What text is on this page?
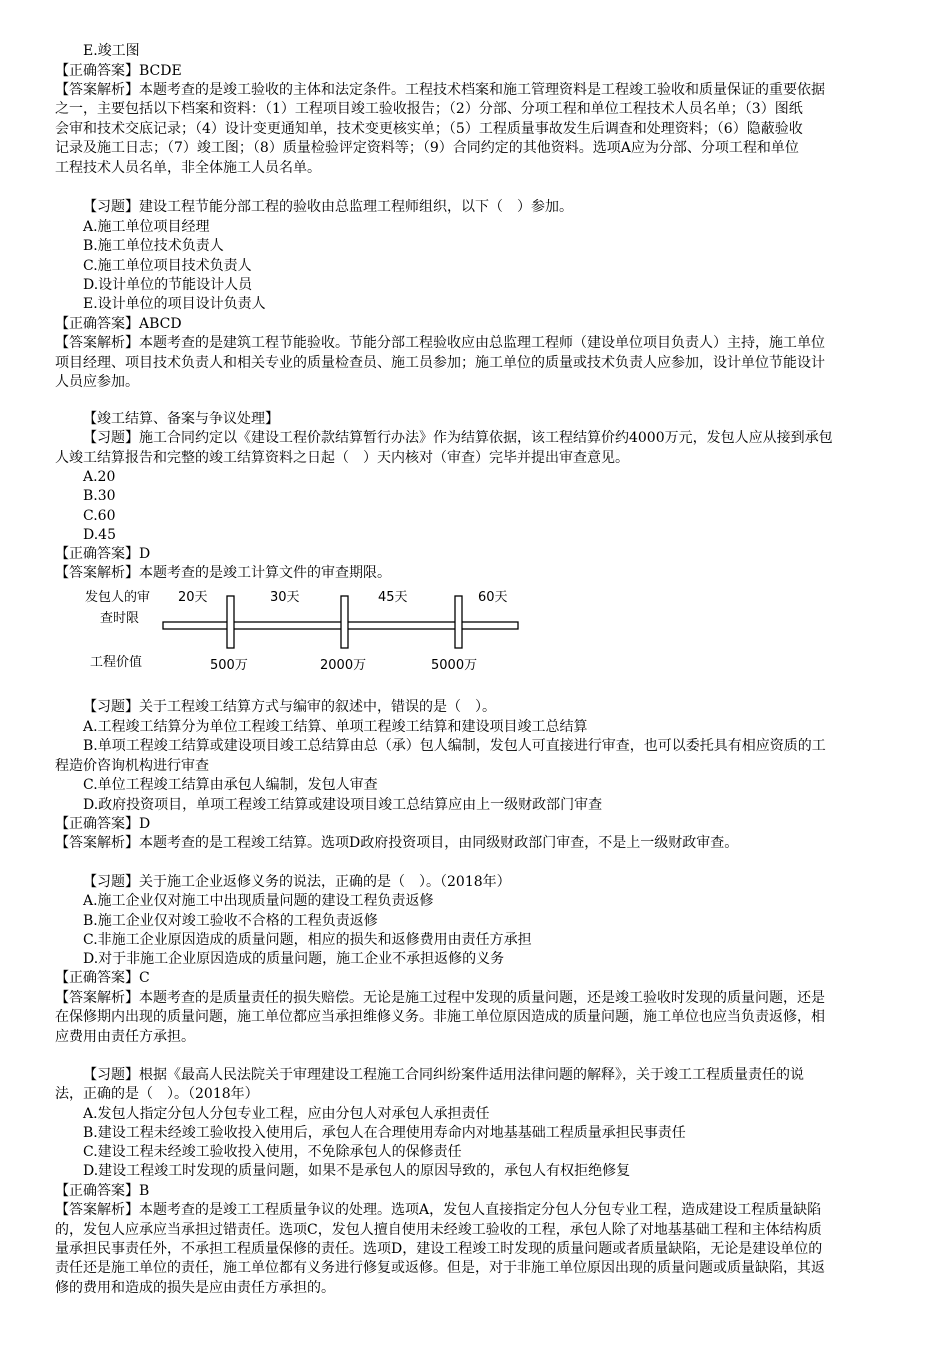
E.竣工图
【正确答案】BCDE
【答案解析】本题考查的是竣工验收的主体和法定条件。工程技术档案和施工管理资料是工程竣工验收和质量保证的重要依据
之一，主要包括以下档案和资料：（1）工程项目竣工验收报告；（2）分部、分项工程和单位工程技术人员名单；（3）图纸
会审和技术交底记录；（4）设计变更通知单，技术变更核实单；（5）工程质量事故发生后调查和处理资料；（6）隐蔽验收
记录及施工日志；（7）竣工图；（8）质量检验评定资料等；（9）合同约定的其他资料。选项A应为分部、分项工程和单位
工程技术人员名单，非全体施工人员名单。
【习题】建设工程节能分部工程的验收由总监理工程师组织，以下（　）参加。
A.施工单位项目经理
B.施工单位技术负责人
C.施工单位项目技术负责人
D.设计单位的节能设计人员
E.设计单位的项目设计负责人
【正确答案】ABCD
【答案解析】本题考查的是建筑工程节能验收。节能分部工程验收应由总监理工程师（建设单位项目负责人）主持，施工单位
项目经理、项目技术负责人和相关专业的质量检查员、施工员参加；施工单位的质量或技术负责人应参加，设计单位节能设计
人员应参加。
【竣工结算、备案与争议处理】
【习题】施工合同约定以《建设工程价款结算暂行办法》作为结算依据，该工程结算价约4000万元，发包人应从接到承包
人竣工结算报告和完整的竣工结算资料之日起（　）天内核对（审查）完毕并提出审查意见。
A.20
B.30
C.60
D.45
【正确答案】D
【答案解析】本题考查的是竣工计算文件的审查期限。
发包人的审
查时限
工程价值
20天	30天	45天	60天
500万	2000万	5000万
【习题】关于工程竣工结算方式与编审的叙述中，错误的是（　）。
A.工程竣工结算分为单位工程竣工结算、单项工程竣工结算和建设项目竣工总结算
B.单项工程竣工结算或建设项目竣工总结算由总（承）包人编制，发包人可直接进行审查，也可以委托具有相应资质的工
程造价咨询机构进行审查
C.单位工程竣工结算由承包人编制，发包人审查
D.政府投资项目，单项工程竣工结算或建设项目竣工总结算应由上一级财政部门审查
【正确答案】D
【答案解析】本题考查的是工程竣工结算。选项D政府投资项目，由同级财政部门审查，不是上一级财政审查。
【习题】关于施工企业返修义务的说法，正确的是（　）。（2018年）
A.施工企业仅对施工中出现质量问题的建设工程负责返修
B.施工企业仅对竣工验收不合格的工程负责返修
C.非施工企业原因造成的质量问题，相应的损失和返修费用由责任方承担
D.对于非施工企业原因造成的质量问题，施工企业不承担返修的义务
【正确答案】C
【答案解析】本题考查的是质量责任的损失赔偿。无论是施工过程中发现的质量问题，还是竣工验收时发现的质量问题，还是
在保修期内出现的质量问题，施工单位都应当承担维修义务。非施工单位原因造成的质量问题，施工单位也应当负责返修，相
应费用由责任方承担。
【习题】根据《最高人民法院关于审理建设工程施工合同纠纷案件适用法律问题的解释》，关于竣工工程质量责任的说
法，正确的是（　）。（2018年）
A.发包人指定分包人分包专业工程，应由分包人对承包人承担责任
B.建设工程未经竣工验收投入使用后，承包人在合理使用寿命内对地基基础工程质量承担民事责任
C.建设工程未经竣工验收投入使用，不免除承包人的保修责任
D.建设工程竣工时发现的质量问题，如果不是承包人的原因导致的，承包人有权拒绝修复
【正确答案】B
【答案解析】本题考查的是竣工工程质量争议的处理。选项A，发包人直接指定分包人分包专业工程，造成建设工程质量缺陷
的，发包人应承应当承担过错责任。选项C，发包人擅自使用未经竣工验收的工程，承包人除了对地基基础工程和主体结构质
量承担民事责任外，不承担工程质量保修的责任。选项D，建设工程竣工时发现的质量问题或者质量缺陷，无论是建设单位的
责任还是施工单位的责任，施工单位都有义务进行修复或返修。但是，对于非施工单位原因出现的质量问题或质量缺陷，其返
修的费用和造成的损失是应由责任方承担的。
